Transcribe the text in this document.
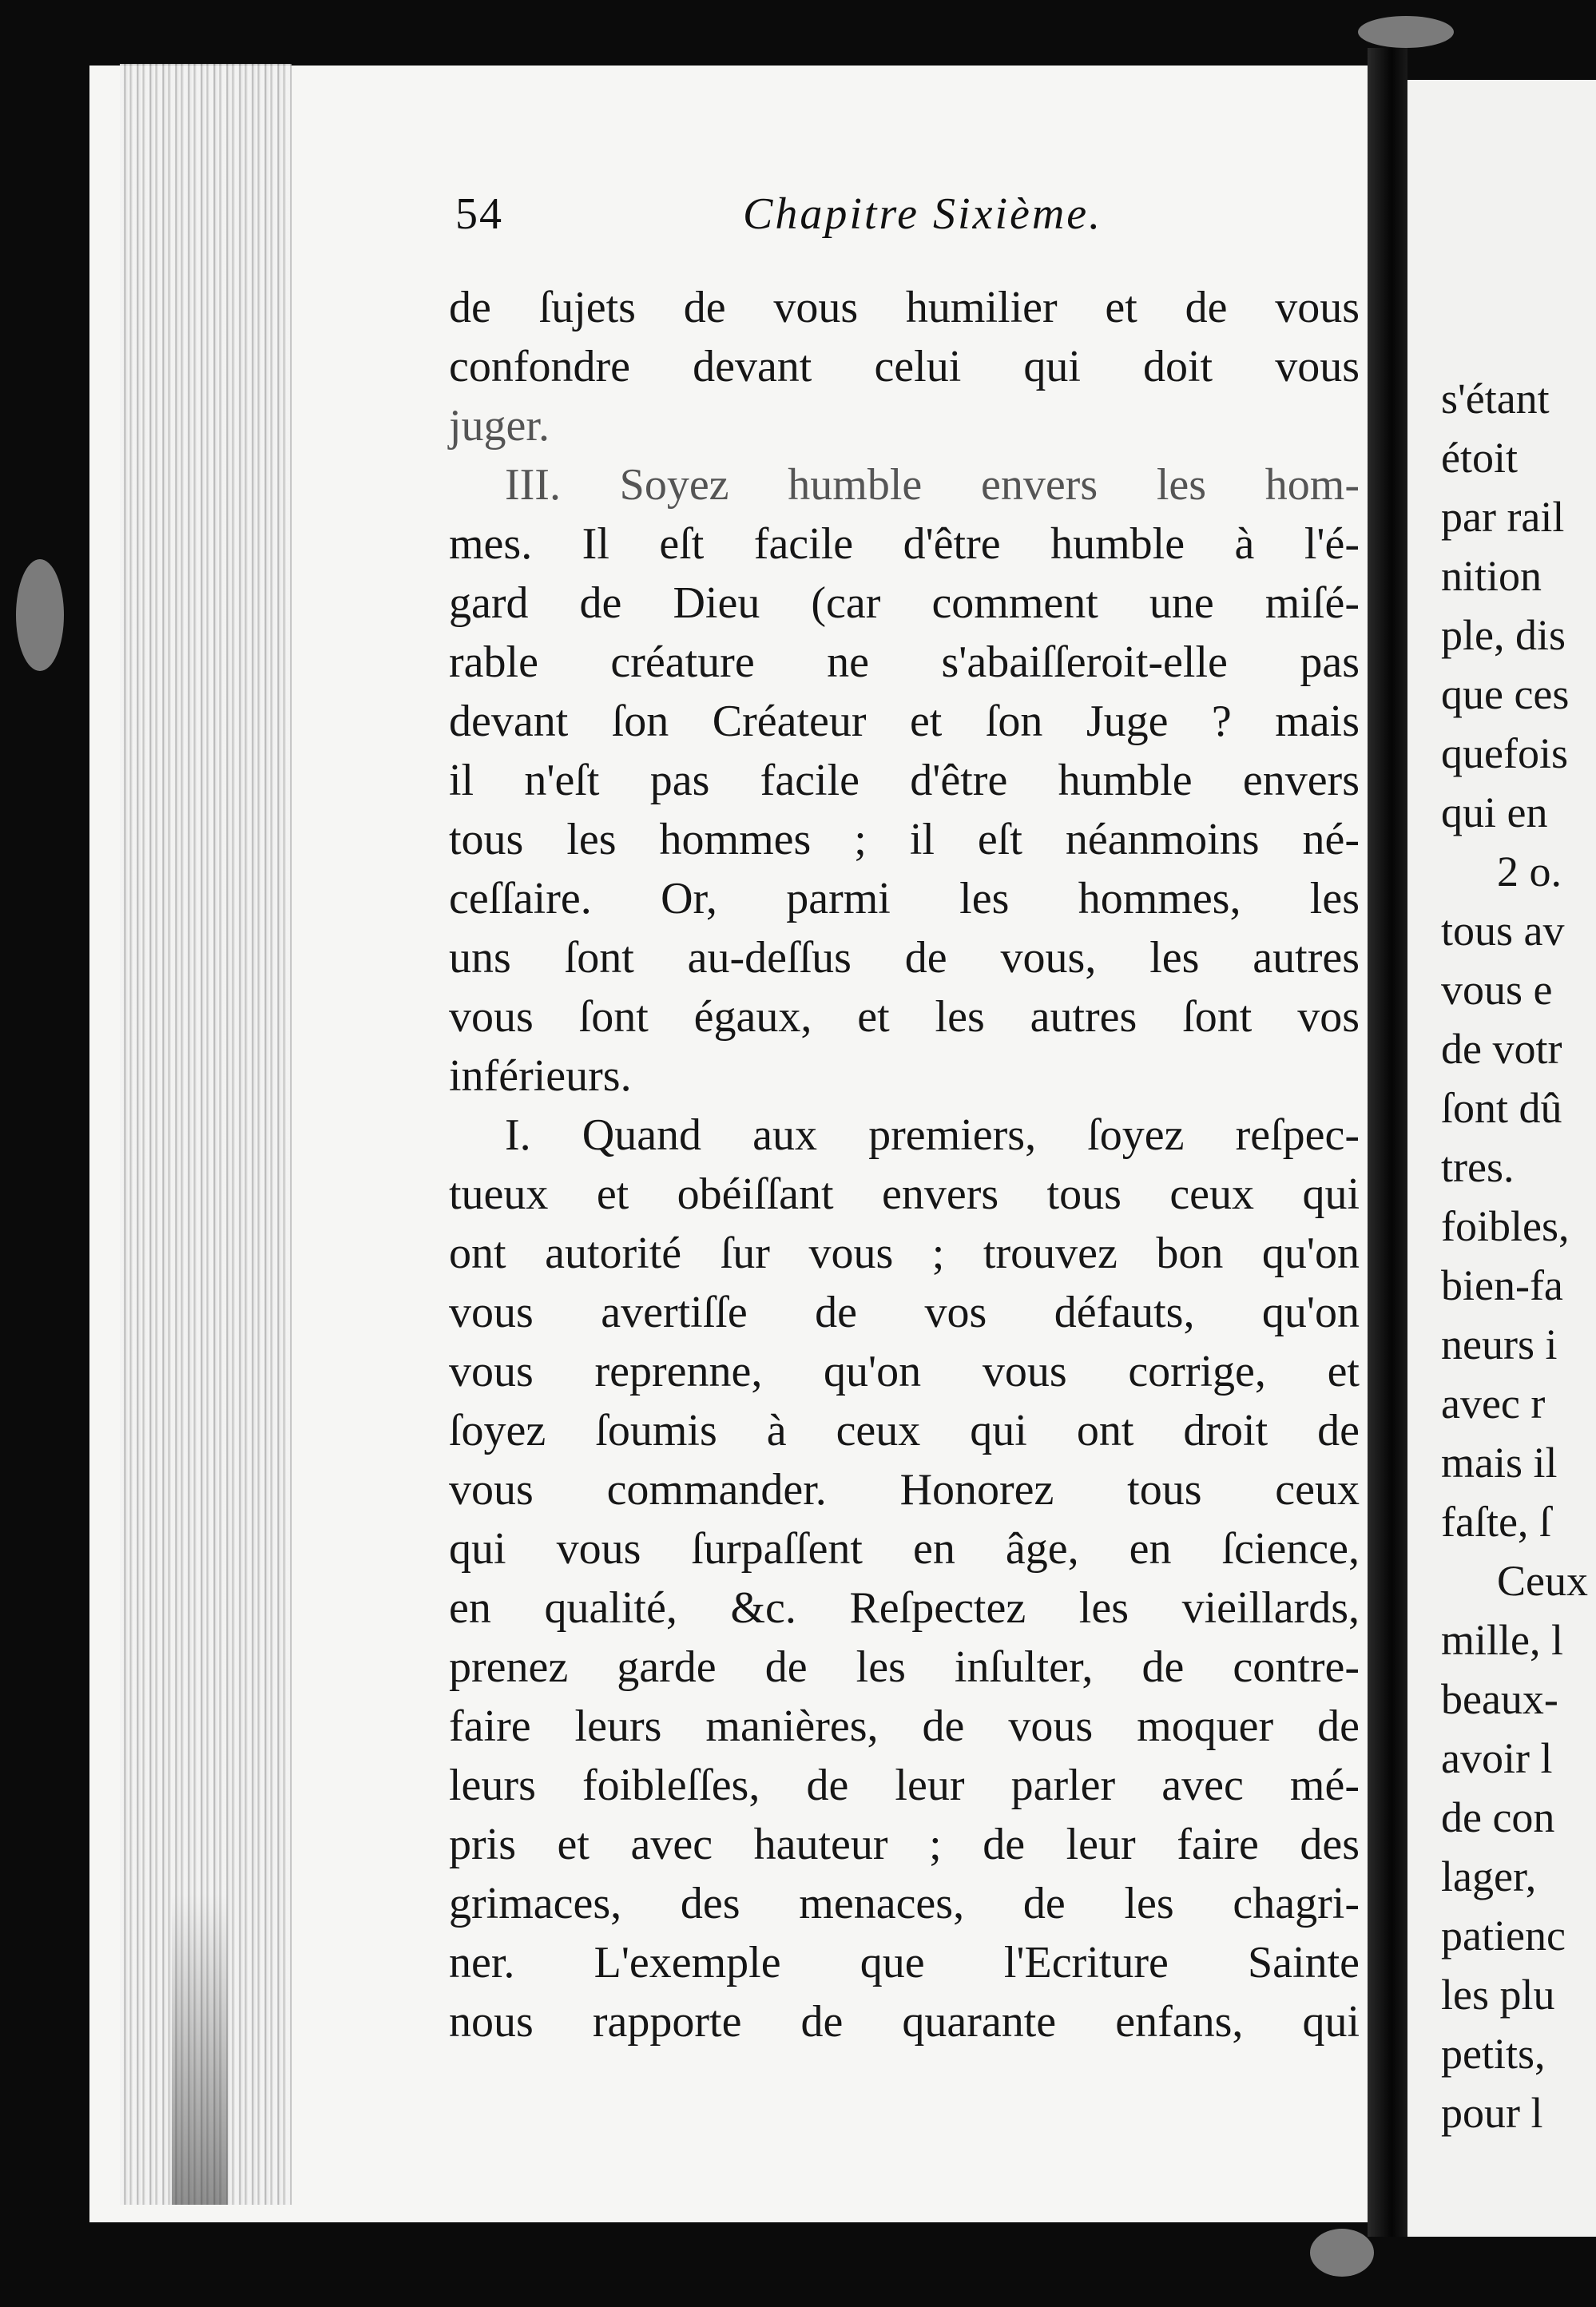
54	Chapitre Sixième.
de ſujets de vous humilier et de vous
confondre devant celui qui doit vous
juger.
III. Soyez humble envers les hom-
mes. Il eſt facile d'être humble à l'é-
gard de Dieu (car comment une miſé-
rable créature ne s'abaiſſeroit-elle pas
devant ſon Créateur et ſon Juge ? mais
il n'eſt pas facile d'être humble envers
tous les hommes ; il eſt néanmoins né-
ceſſaire. Or, parmi les hommes, les
uns ſont au-deſſus de vous, les autres
vous ſont égaux, et les autres ſont vos
inférieurs.
I. Quand aux premiers, ſoyez reſpec-
tueux et obéiſſant envers tous ceux qui
ont autorité ſur vous ; trouvez bon qu'on
vous avertiſſe de vos défauts, qu'on
vous reprenne, qu'on vous corrige, et
ſoyez ſoumis à ceux qui ont droit de
vous commander. Honorez tous ceux
qui vous ſurpaſſent en âge, en ſcience,
en qualité, &c. Reſpectez les vieillards,
prenez garde de les inſulter, de contre-
faire leurs manières, de vous moquer de
leurs foibleſſes, de leur parler avec mé-
pris et avec hauteur ; de leur faire des
grimaces, des menaces, de les chagri-
ner. L'exemple que l'Ecriture Sainte
nous rapporte de quarante enfans, qui
s'étant
étoit
par rail
nition
ple, dis
que ces
quefois
qui en
2 o.
tous av
vous e
de votr
ſont dû
tres.
foibles,
bien-fa
neurs i
avec r
mais il
faſte, ſ
Ceux
mille, l
beaux-
avoir l
de con
lager,
patienc
les plu
petits,
pour l
